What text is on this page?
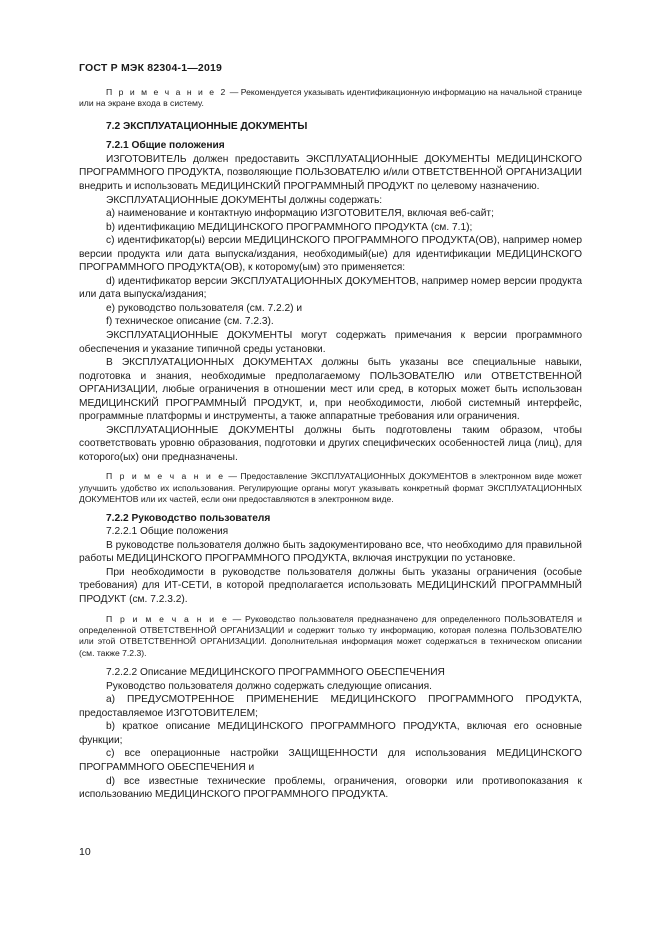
ГОСТ Р МЭК 82304-1—2019

П р и м е ч а н и е 2 — Рекомендуется указывать идентификационную информацию на начальной странице или на экране входа в систему.

7.2 ЭКСПЛУАТАЦИОННЫЕ ДОКУМЕНТЫ

7.2.1 Общие положения

ИЗГОТОВИТЕЛЬ должен предоставить ЭКСПЛУАТАЦИОННЫЕ ДОКУМЕНТЫ МЕДИЦИНСКОГО ПРОГРАММНОГО ПРОДУКТА, позволяющие ПОЛЬЗОВАТЕЛЮ и/или ОТВЕТСТВЕННОЙ ОРГАНИЗАЦИИ внедрить и использовать МЕДИЦИНСКИЙ ПРОГРАММНЫЙ ПРОДУКТ по целевому назначению.

ЭКСПЛУАТАЦИОННЫЕ ДОКУМЕНТЫ должны содержать:

a) наименование и контактную информацию ИЗГОТОВИТЕЛЯ, включая веб-сайт;

b) идентификацию МЕДИЦИНСКОГО ПРОГРАММНОГО ПРОДУКТА (см. 7.1);

c) идентификатор(ы) версии МЕДИЦИНСКОГО ПРОГРАММНОГО ПРОДУКТА(ОВ), например номер версии продукта или дата выпуска/издания, необходимый(ые) для идентификации МЕДИЦИНСКОГО ПРОГРАММНОГО ПРОДУКТА(ОВ), к которому(ым) это применяется:

d) идентификатор версии ЭКСПЛУАТАЦИОННЫХ ДОКУМЕНТОВ, например номер версии продукта или дата выпуска/издания;

e) руководство пользователя (см. 7.2.2) и

f) техническое описание (см. 7.2.3).

ЭКСПЛУАТАЦИОННЫЕ ДОКУМЕНТЫ могут содержать примечания к версии программного обеспечения и указание типичной среды установки.

В ЭКСПЛУАТАЦИОННЫХ ДОКУМЕНТАХ должны быть указаны все специальные навыки, подготовка и знания, необходимые предполагаемому ПОЛЬЗОВАТЕЛЮ или ОТВЕТСТВЕННОЙ ОРГАНИЗАЦИИ, любые ограничения в отношении мест или сред, в которых может быть использован МЕДИЦИНСКИЙ ПРОГРАММНЫЙ ПРОДУКТ, и, при необходимости, любой системный интерфейс, программные платформы и инструменты, а также аппаратные требования или ограничения.

ЭКСПЛУАТАЦИОННЫЕ ДОКУМЕНТЫ должны быть подготовлены таким образом, чтобы соответствовать уровню образования, подготовки и других специфических особенностей лица (лиц), для которого(ых) они предназначены.

П р и м е ч а н и е — Предоставление ЭКСПЛУАТАЦИОННЫХ ДОКУМЕНТОВ в электронном виде может улучшить удобство их использования. Регулирующие органы могут указывать конкретный формат ЭКСПЛУАТАЦИОННЫХ ДОКУМЕНТОВ или их частей, если они предоставляются в электронном виде.

7.2.2 Руководство пользователя

7.2.2.1 Общие положения

В руководстве пользователя должно быть задокументировано все, что необходимо для правильной работы МЕДИЦИНСКОГО ПРОГРАММНОГО ПРОДУКТА, включая инструкции по установке.

При необходимости в руководстве пользователя должны быть указаны ограничения (особые требования) для ИТ-СЕТИ, в которой предполагается использовать МЕДИЦИНСКИЙ ПРОГРАММНЫЙ ПРОДУКТ (см. 7.2.3.2).

П р и м е ч а н и е — Руководство пользователя предназначено для определенного ПОЛЬЗОВАТЕЛЯ и определенной ОТВЕТСТВЕННОЙ ОРГАНИЗАЦИИ и содержит только ту информацию, которая полезна ПОЛЬЗОВАТЕЛЮ или этой ОТВЕТСТВЕННОЙ ОРГАНИЗАЦИИ. Дополнительная информация может содержаться в техническом описании (см. также 7.2.3).

7.2.2.2 Описание МЕДИЦИНСКОГО ПРОГРАММНОГО ОБЕСПЕЧЕНИЯ

Руководство пользователя должно содержать следующие описания.

a) ПРЕДУСМОТРЕННОЕ ПРИМЕНЕНИЕ МЕДИЦИНСКОГО ПРОГРАММНОГО ПРОДУКТА, предоставляемое ИЗГОТОВИТЕЛЕМ;

b) краткое описание МЕДИЦИНСКОГО ПРОГРАММНОГО ПРОДУКТА, включая его основные функции;

c) все операционные настройки ЗАЩИЩЕННОСТИ для использования МЕДИЦИНСКОГО ПРОГРАММНОГО ОБЕСПЕЧЕНИЯ и

d) все известные технические проблемы, ограничения, оговорки или противопоказания к использованию МЕДИЦИНСКОГО ПРОГРАММНОГО ПРОДУКТА.

10
